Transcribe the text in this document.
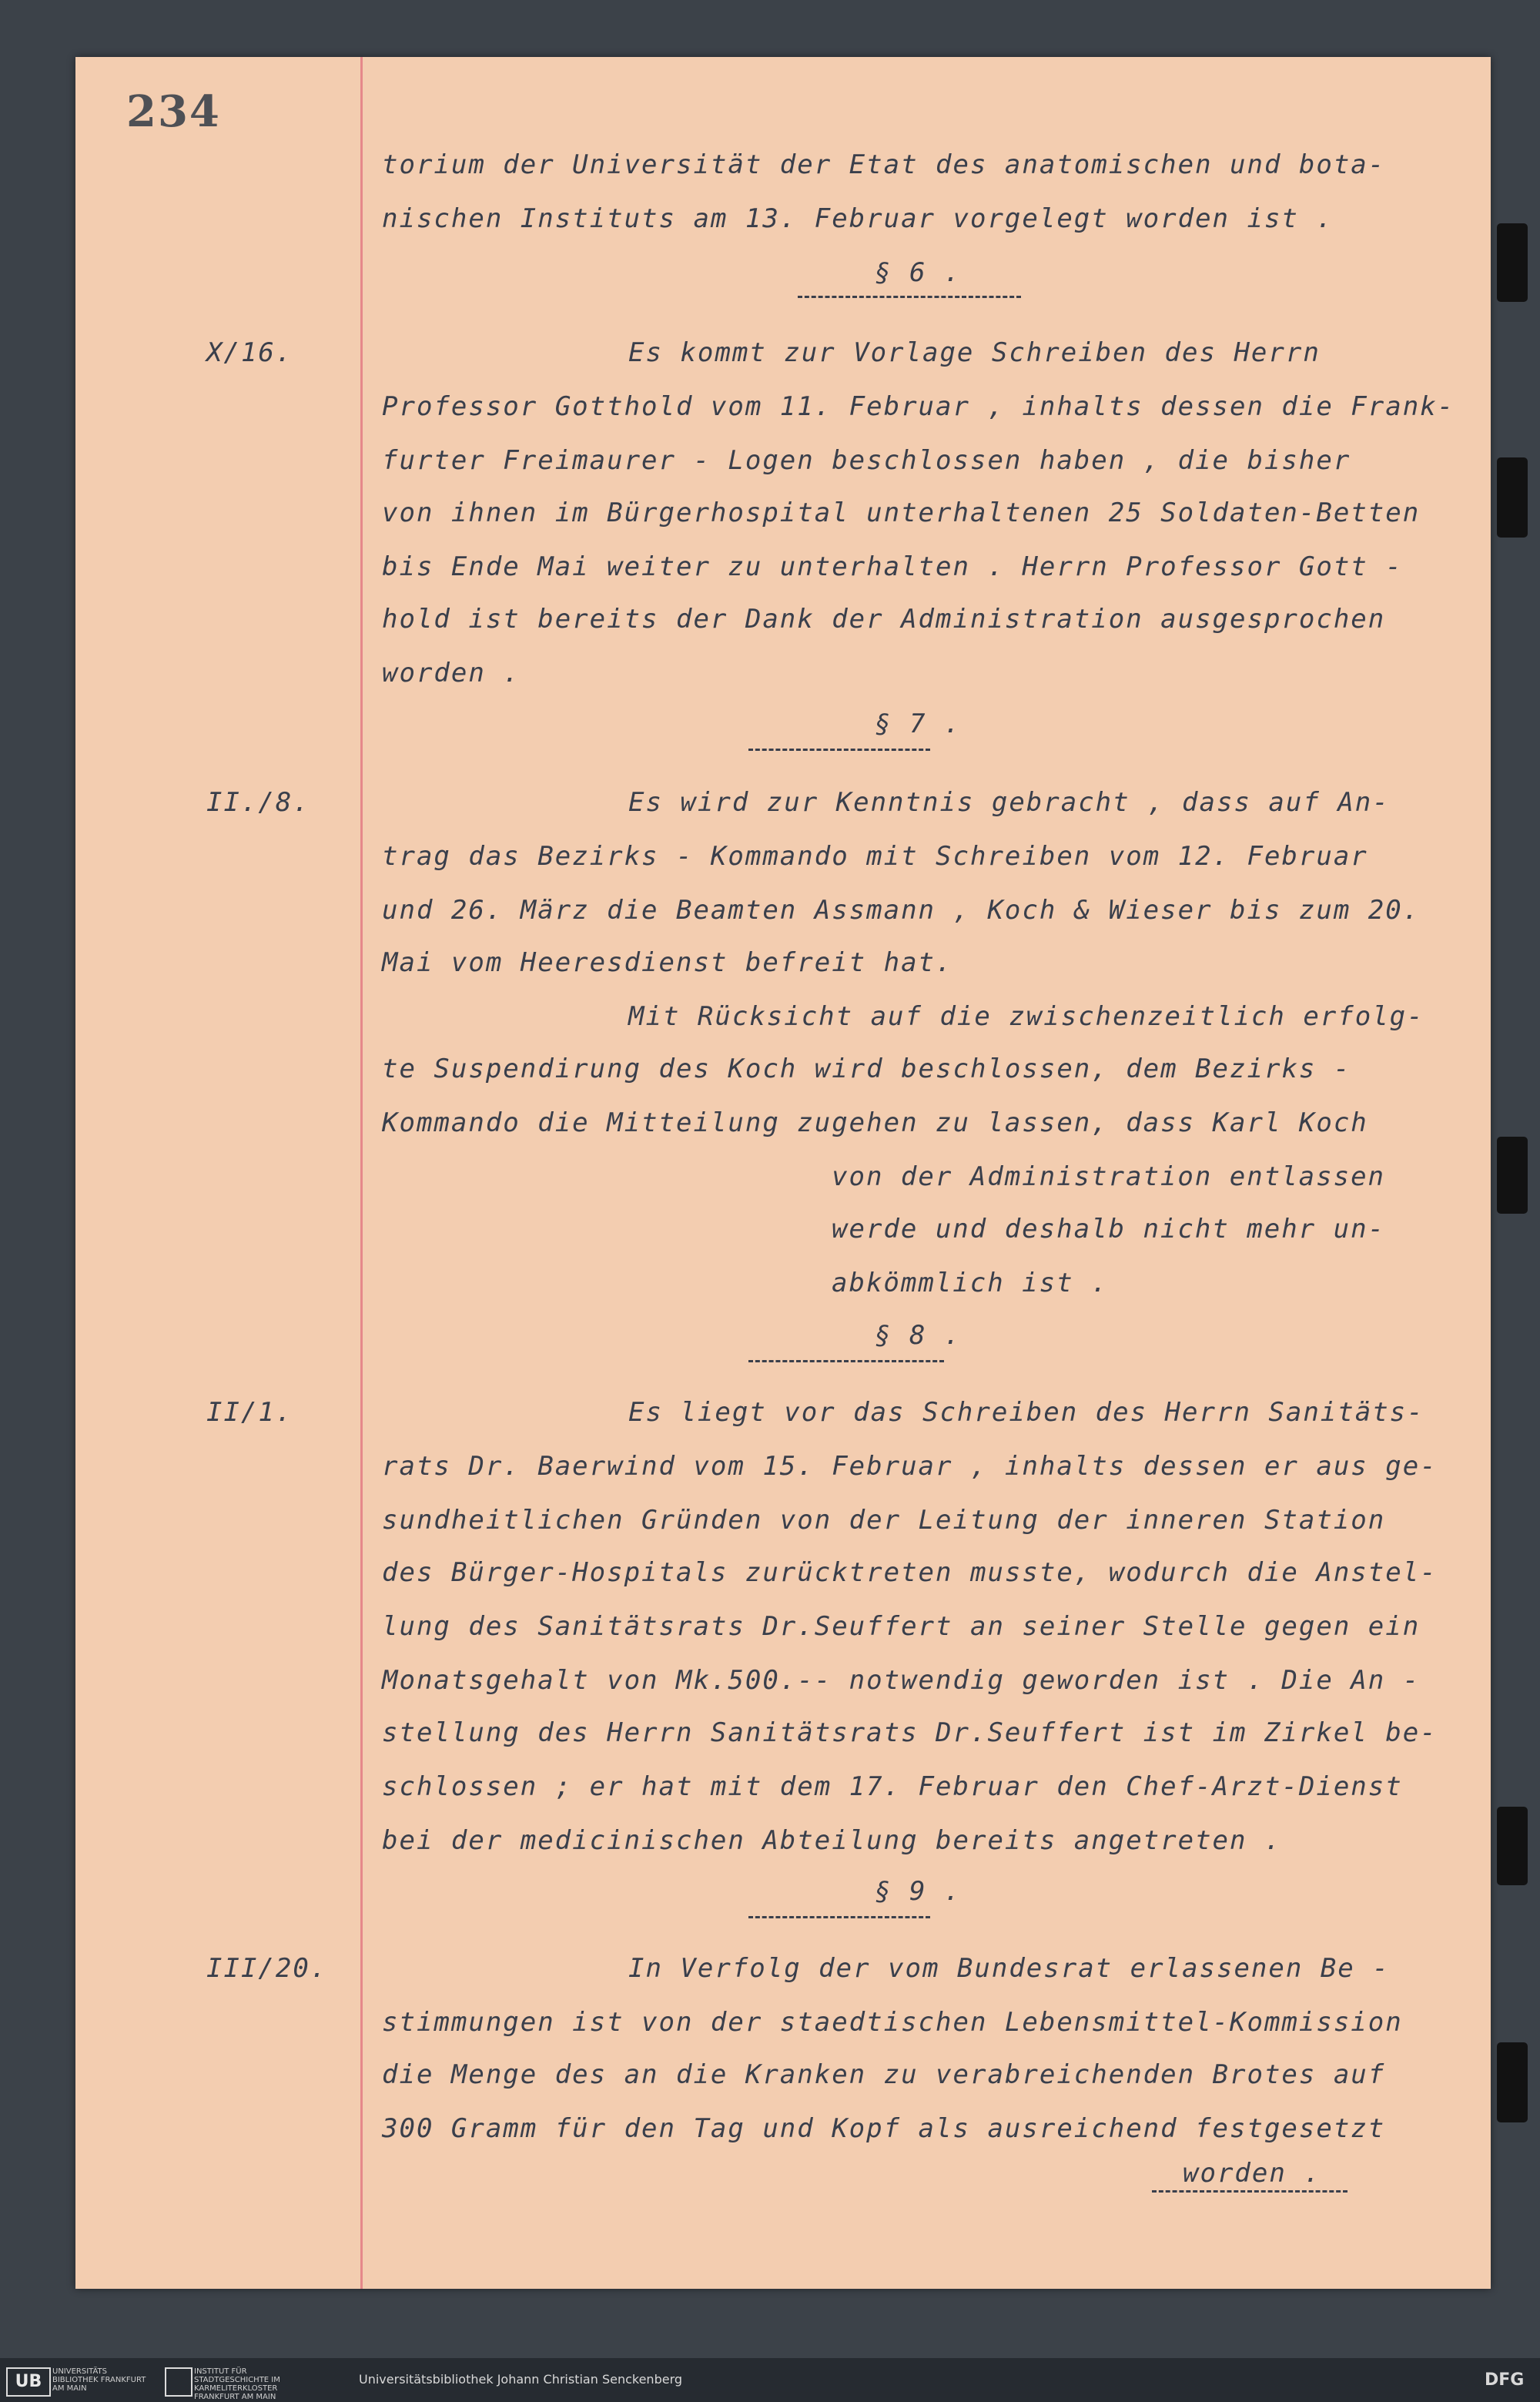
234
torium der Universität der Etat des anatomischen und bota-
nischen Instituts am 13. Februar vorgelegt worden ist .
§ 6 .
X/16.	Es kommt zur Vorlage Schreiben des Herrn
Professor Gotthold vom 11. Februar , inhalts dessen die Frank-
furter Freimaurer - Logen beschlossen haben , die bisher
von ihnen im Bürgerhospital unterhaltenen 25 Soldaten-Betten
bis Ende Mai weiter zu unterhalten . Herrn Professor Gott -
hold ist bereits der Dank der Administration ausgesprochen
worden .
§ 7 .
II./8.	Es wird zur Kenntnis gebracht , dass auf An-
trag das Bezirks - Kommando mit Schreiben vom 12. Februar
und 26. März die Beamten Assmann , Koch & Wieser bis zum 20.
Mai vom Heeresdienst befreit hat.
Mit Rücksicht auf die zwischenzeitlich erfolg-
te Suspendirung des Koch wird beschlossen, dem Bezirks -
Kommando die Mitteilung zugehen zu lassen, dass Karl Koch
von der Administration entlassen
werde und deshalb nicht mehr un-
abkömmlich ist .
§ 8 .
II/1.	Es liegt vor das Schreiben des Herrn Sanitäts-
rats Dr. Baerwind vom 15. Februar , inhalts dessen er aus ge-
sundheitlichen Gründen von der Leitung der inneren Station
des Bürger-Hospitals zurücktreten musste, wodurch die Anstel-
lung des Sanitätsrats Dr.Seuffert an seiner Stelle gegen ein
Monatsgehalt von Mk.500.-- notwendig geworden ist . Die An -
stellung des Herrn Sanitätsrats Dr.Seuffert ist im Zirkel be-
schlossen ; er hat mit dem 17. Februar den Chef-Arzt-Dienst
bei der medicinischen Abteilung bereits angetreten .
§ 9 .
III/20.	In Verfolg der vom Bundesrat erlassenen Be -
stimmungen ist von der staedtischen Lebensmittel-Kommission
die Menge des an die Kranken zu verabreichenden Brotes auf
300 Gramm für den Tag und Kopf als ausreichend festgesetzt
worden .
UB
UNIVERSITÄTS BIBLIOTHEK FRANKFURT AM MAIN
INSTITUT FÜR STADTGESCHICHTE IM KARMELITERKLOSTER FRANKFURT AM MAIN
Universitätsbibliothek Johann Christian Senckenberg	DFG
